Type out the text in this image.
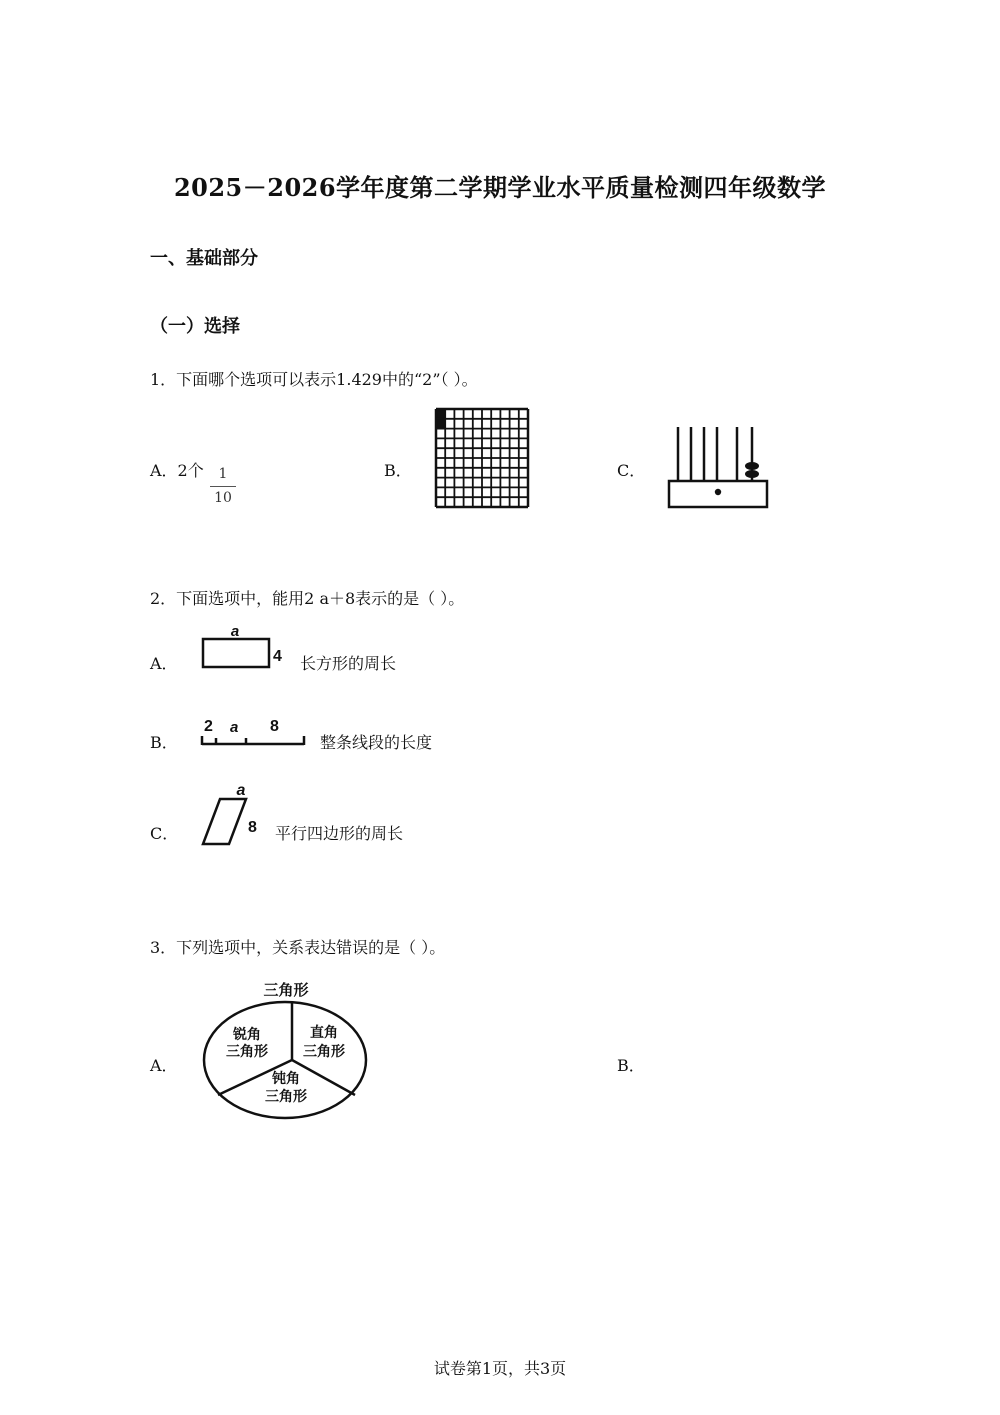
2025－2026学年度第二学期学业水平质量检测四年级数学
一、基础部分
（一）选择
1．下面哪个选项可以表示1.429中的“2”（ ）。
A．2个	1
10
B．	C．
2．下面选项中，能用2 a＋8表示的是（ ）。
A．
a
4 长方形的周长
B．
2 a 8
整条线段的长度
C．
a
8 平行四边形的周长
3．下列选项中，关系表达错误的是（ ）。
A．
三角形
锐角
三角形
直角
三角形
钝角
三角形
B．
试卷第1页，共3页
